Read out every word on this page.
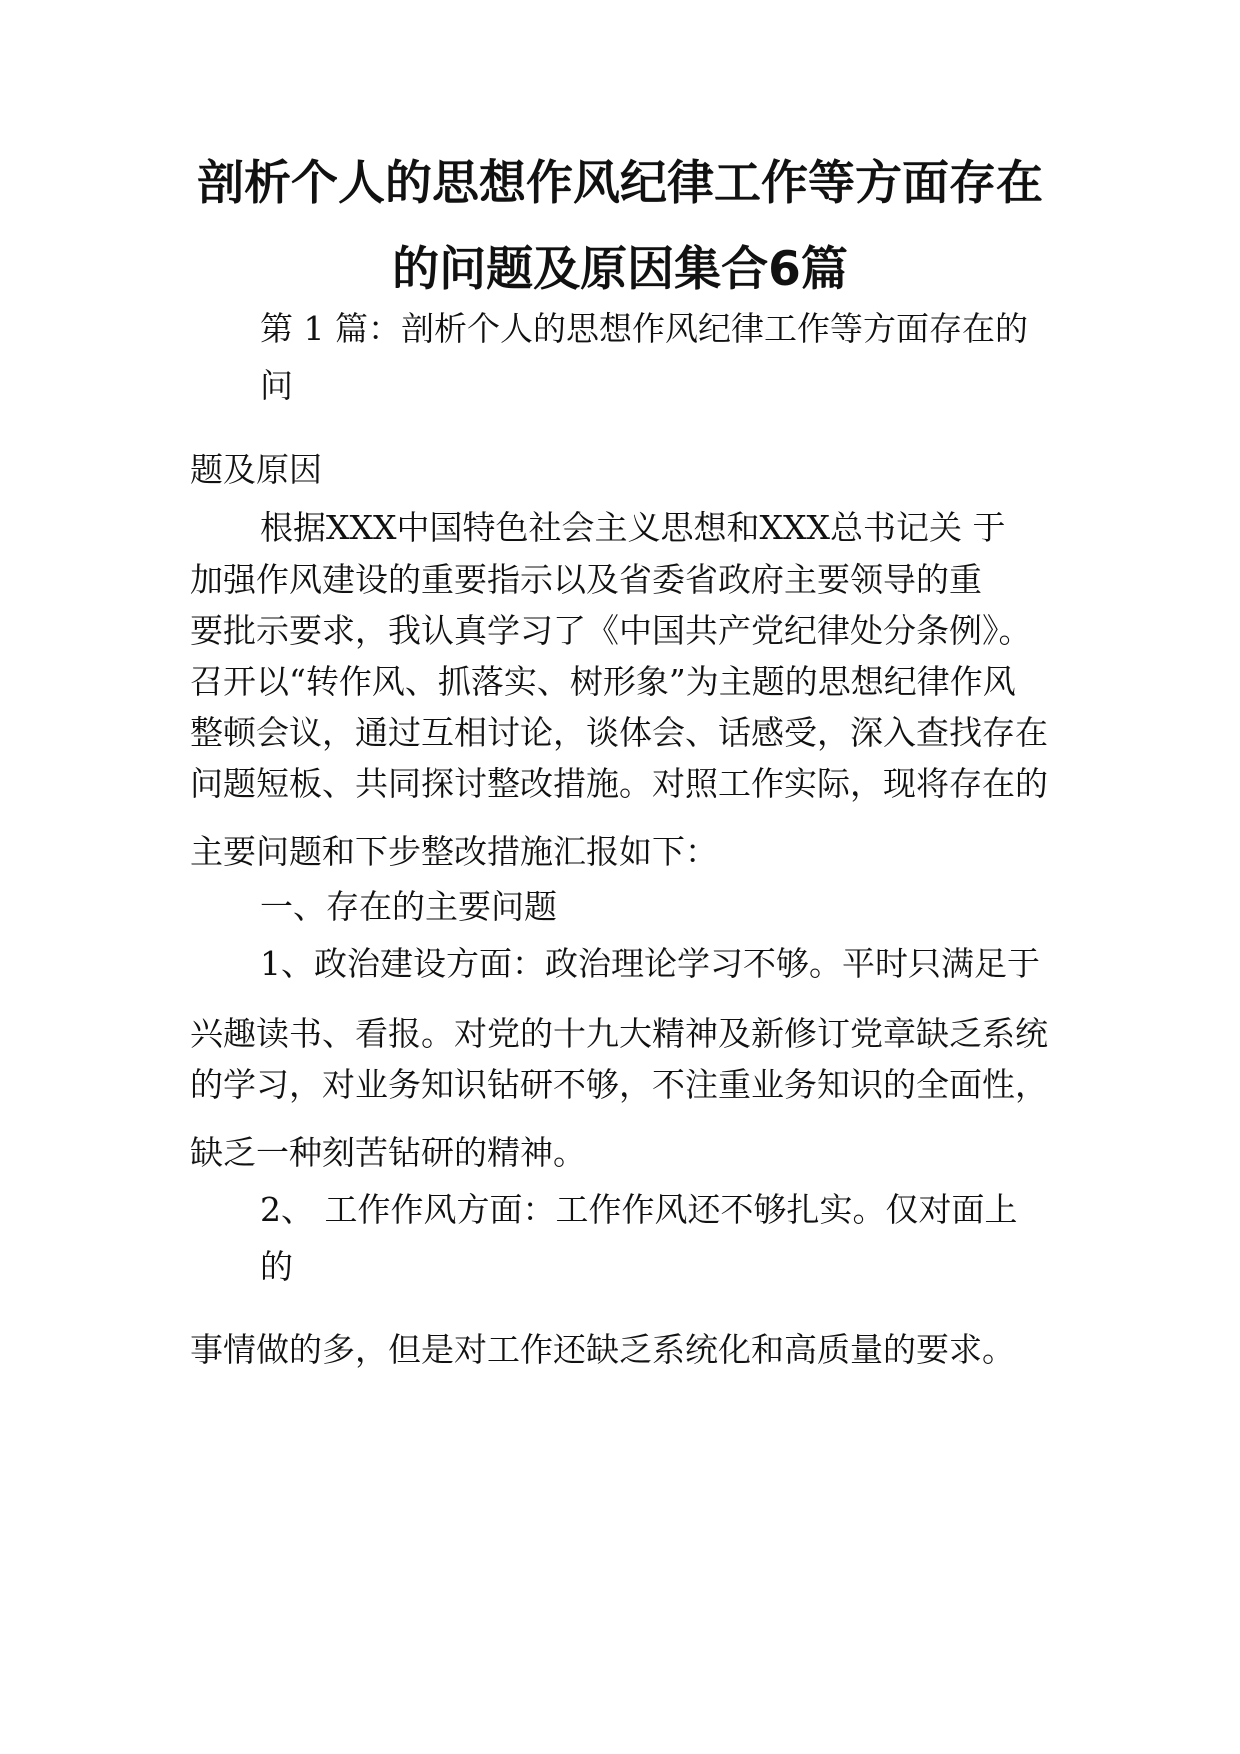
剖析个人的思想作风纪律工作等方面存在
的问题及原因集合6篇
第 1 篇：剖析个人的思想作风纪律工作等方面存在的
问
题及原因
根据XXX中国特色社会主义思想和XXX总书记关 于
加强作风建设的重要指示以及省委省政府主要领导的重
要批示要求，我认真学习了《中国共产党纪律处分条例》。
召开以“转作风、抓落实、树形象”为主题的思想纪律作风
整顿会议，通过互相讨论，谈体会、话感受，深入查找存在
问题短板、共同探讨整改措施。对照工作实际，现将存在的
主要问题和下步整改措施汇报如下：
一、存在的主要问题
1、政治建设方面：政治理论学习不够。平时只满足于
兴趣读书、看报。对党的十九大精神及新修订党章缺乏系统
的学习，对业务知识钻研不够，不注重业务知识的全面性，
缺乏一种刻苦钻研的精神。
2、 工作作风方面：工作作风还不够扎实。仅对面上
的
事情做的多，但是对工作还缺乏系统化和高质量的要求。
